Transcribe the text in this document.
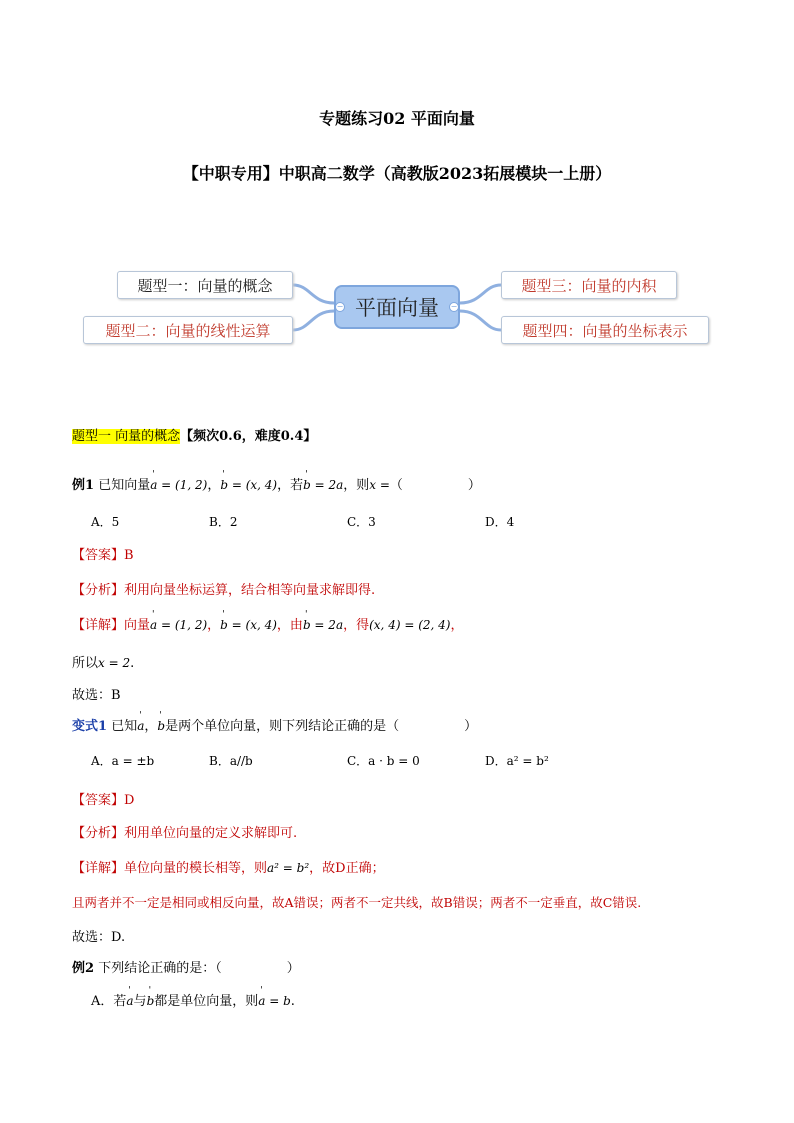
专题练习02 平面向量
【中职专用】中职高二数学（高教版2023拓展模块一上册）
平面向量
−	−
题型一：向量的概念
题型二：向量的线性运算
题型三：向量的内积
题型四：向量的坐标表示
题型一 向量的概念【频次0.6，难度0.4】
例1 已知向量' a = (1, 2)，' b = (x, 4)，若' b = 2a，则x =（　　　　　）
A．5	B．2	C．3	D．4
【答案】B
【分析】利用向量坐标运算，结合相等向量求解即得.
【详解】向量' a = (1, 2)，' b = (x, 4)，由' b = 2a，得(x, 4) = (2, 4)，
所以x = 2.
故选：B
变式1 已知' a，' b是两个单位向量，则下列结论正确的是（　　　　　）
A．a = ±b	B．a//b	C．a · b = 0	D．a² = b²
【答案】D
【分析】利用单位向量的定义求解即可.
【详解】单位向量的模长相等，则a² = b²，故D正确；
且两者并不一定是相同或相反向量，故A错误；两者不一定共线，故B错误；两者不一定垂直，故C错误.
故选：D.
例2 下列结论正确的是：（　　　　　）
A．若' a与' b都是单位向量，则' a = b.
